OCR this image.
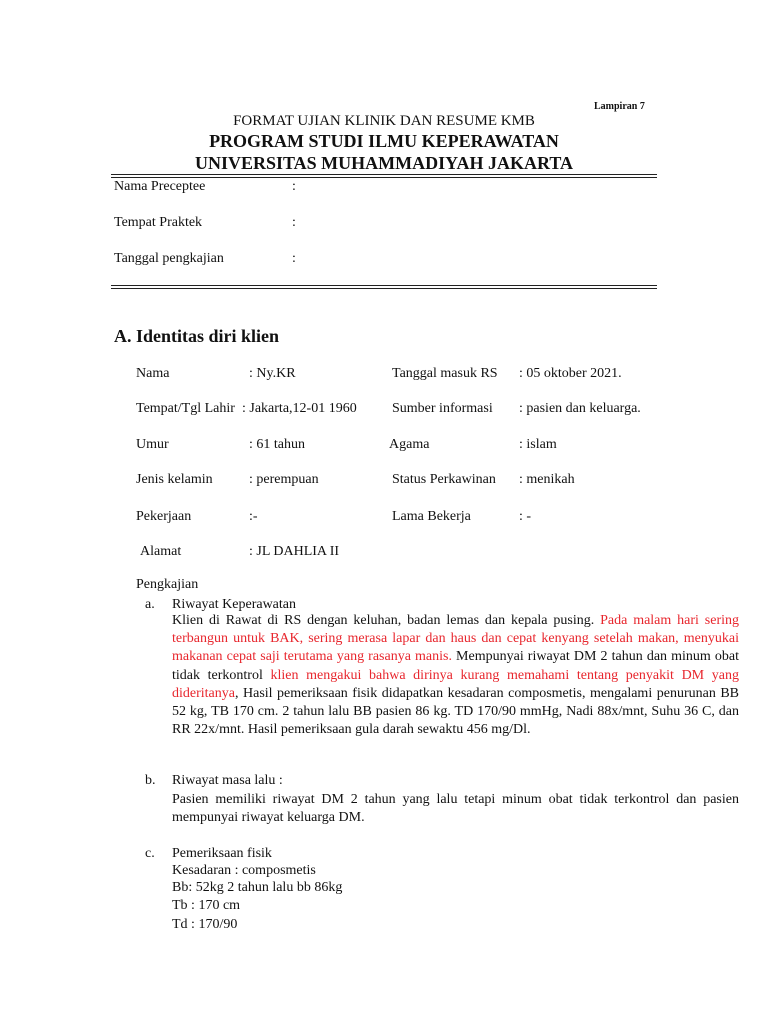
Lampiran 7
FORMAT UJIAN KLINIK DAN RESUME KMB
PROGRAM STUDI ILMU KEPERAWATAN
UNIVERSITAS MUHAMMADIYAH JAKARTA
Nama Preceptee	:
Tempat Praktek	:
Tanggal pengkajian	:
A. Identitas diri klien
Nama	: Ny.KR	Tanggal masuk RS : 05 oktober 2021.
Tempat/Tgl Lahir : Jakarta,12-01 1960	Sumber informasi : pasien dan keluarga.
Umur	: 61 tahun	Agama	: islam
Jenis kelamin	: perempuan	Status Perkawinan : menikah
Pekerjaan	:-	Lama Bekerja	: -
Alamat	: JL DAHLIA II
Pengkajian
a. Riwayat Keperawatan
Klien di Rawat di RS dengan keluhan, badan lemas dan kepala pusing. Pada malam hari sering terbangun untuk BAK, sering merasa lapar dan haus dan cepat kenyang setelah makan, menyukai makanan cepat saji terutama yang rasanya manis. Mempunyai riwayat DM 2 tahun dan minum obat tidak terkontrol klien mengakui bahwa dirinya kurang memahami tentang penyakit DM yang dideritanya, Hasil pemeriksaan fisik didapatkan kesadaran composmetis, mengalami penurunan BB 52 kg, TB 170 cm. 2 tahun lalu BB pasien 86 kg. TD 170/90 mmHg, Nadi 88x/mnt, Suhu 36 C, dan RR 22x/mnt. Hasil pemeriksaan gula darah sewaktu 456 mg/Dl.
b. Riwayat masa lalu :
Pasien memiliki riwayat DM 2 tahun yang lalu tetapi minum obat tidak terkontrol dan pasien mempunyai riwayat keluarga DM.
c. Pemeriksaan fisik
Kesadaran : composmetis
Bb: 52kg 2 tahun lalu bb 86kg
Tb : 170 cm
Td : 170/90
